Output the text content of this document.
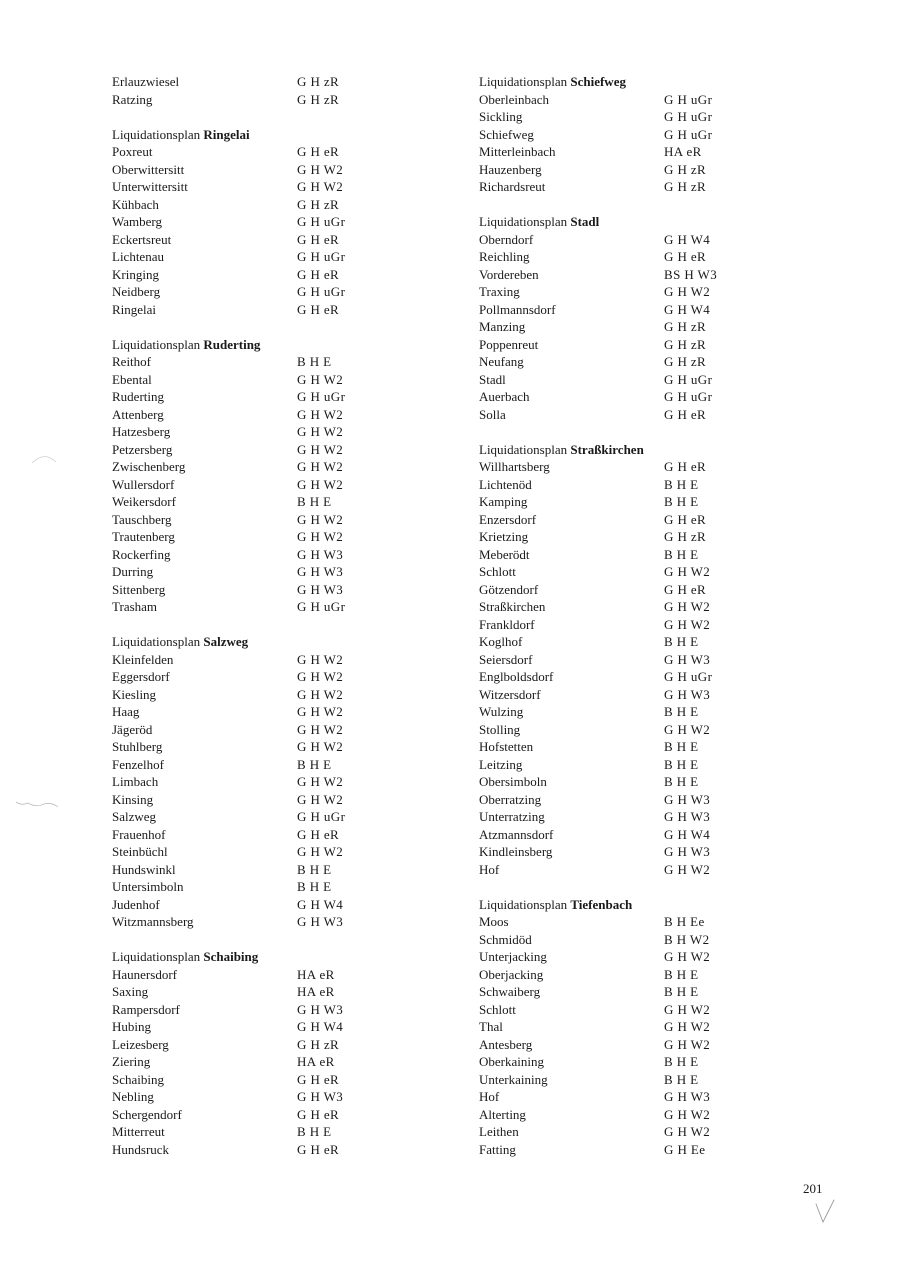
Erlauzwiesel	G H zR
Ratzing	G H zR
Liquidationsplan Ringelai
Poxreut	G H eR
Oberwittersitt	G H W2
Unterwittersitt	G H W2
Kühbach	G H zR
Wamberg	G H uGr
Eckertsreut	G H eR
Lichtenau	G H uGr
Kringing	G H eR
Neidberg	G H uGr
Ringelai	G H eR
Liquidationsplan Ruderting
Reithof	B H E
Ebental	G H W2
Ruderting	G H uGr
Attenberg	G H W2
Hatzesberg	G H W2
Petzersberg	G H W2
Zwischenberg	G H W2
Wullersdorf	G H W2
Weikersdorf	B H E
Tauschberg	G H W2
Trautenberg	G H W2
Rockerfing	G H W3
Durring	G H W3
Sittenberg	G H W3
Trasham	G H uGr
Liquidationsplan Salzweg
Kleinfelden	G H W2
Eggersdorf	G H W2
Kiesling	G H W2
Haag	G H W2
Jägeröd	G H W2
Stuhlberg	G H W2
Fenzelhof	B H E
Limbach	G H W2
Kinsing	G H W2
Salzweg	G H uGr
Frauenhof	G H eR
Steinbüchl	G H W2
Hundswinkl	B H E
Untersimboln	B H E
Judenhof	G H W4
Witzmannsberg	G H W3
Liquidationsplan Schaibing
Haunersdorf	HA eR
Saxing	HA eR
Rampersdorf	G H W3
Hubing	G H W4
Leizesberg	G H zR
Ziering	HA eR
Schaibing	G H eR
Nebling	G H W3
Schergendorf	G H eR
Mitterreut	B H E
Hundsruck	G H eR
Liquidationsplan Schiefweg
Oberleinbach	G H uGr
Sickling	G H uGr
Schiefweg	G H uGr
Mitterleinbach	HA eR
Hauzenberg	G H zR
Richardsreut	G H zR
Liquidationsplan Stadl
Oberndorf	G H W4
Reichling	G H eR
Vordereben	BS H W3
Traxing	G H W2
Pollmannsdorf	G H W4
Manzing	G H zR
Poppenreut	G H zR
Neufang	G H zR
Stadl	G H uGr
Auerbach	G H uGr
Solla	G H eR
Liquidationsplan Straßkirchen
Willhartsberg	G H eR
Lichtenöd	B H E
Kamping	B H E
Enzersdorf	G H eR
Krietzing	G H zR
Meberödt	B H E
Schlott	G H W2
Götzendorf	G H eR
Straßkirchen	G H W2
Frankldorf	G H W2
Koglhof	B H E
Seiersdorf	G H W3
Englboldsdorf	G H uGr
Witzersdorf	G H W3
Wulzing	B H E
Stolling	G H W2
Hofstetten	B H E
Leitzing	B H E
Obersimboln	B H E
Oberratzing	G H W3
Unterratzing	G H W3
Atzmannsdorf	G H W4
Kindleinsberg	G H W3
Hof	G H W2
Liquidationsplan Tiefenbach
Moos	B H Ee
Schmidöd	B H W2
Unterjacking	G H W2
Oberjacking	B H E
Schwaiberg	B H E
Schlott	G H W2
Thal	G H W2
Antesberg	G H W2
Oberkaining	B H E
Unterkaining	B H E
Hof	G H W3
Alterting	G H W2
Leithen	G H W2
Fatting	G H Ee
201
